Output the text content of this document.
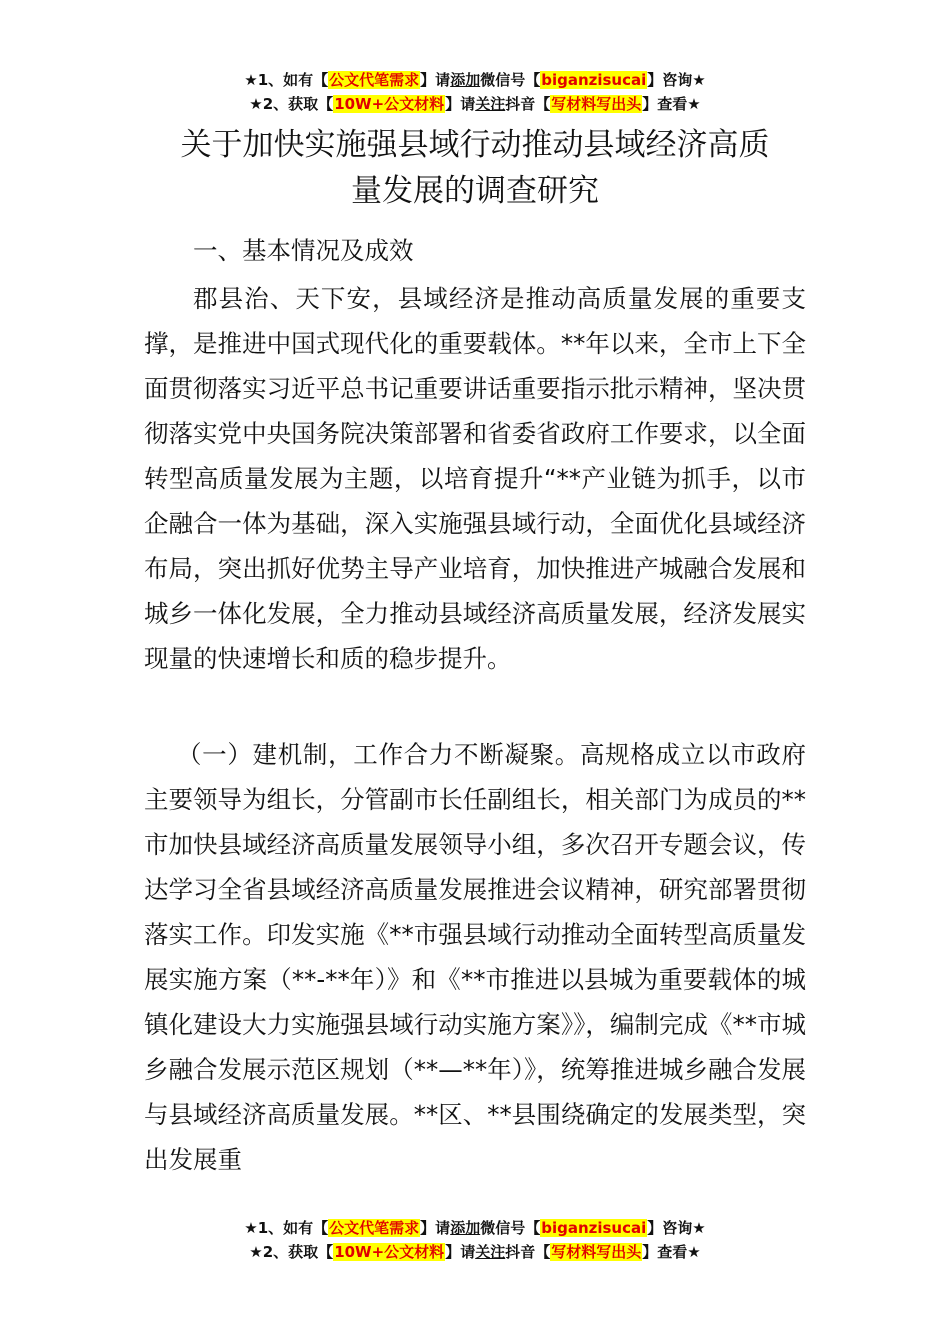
★1、如有【公文代笔需求】请添加微信号【biganzisucai】咨询★
★2、获取【10W+公文材料】请关注抖音【写材料写出头】查看★
关于加快实施强县域行动推动县域经济高质
量发展的调查研究

一、基本情况及成效

郡县治、天下安，县域经济是推动高质量发展的重要支撑，是推进中国式现代化的重要载体。**年以来，全市上下全面贯彻落实习近平总书记重要讲话重要指示批示精神，坚决贯彻落实党中央国务院决策部署和省委省政府工作要求，以全面转型高质量发展为主题，以培育提升“**产业链为抓手，以市企融合一体为基础，深入实施强县域行动，全面优化县域经济布局，突出抓好优势主导产业培育，加快推进产城融合发展和城乡一体化发展，全力推动县域经济高质量发展，经济发展实现量的快速增长和质的稳步提升。

（一）建机制，工作合力不断凝聚。高规格成立以市政府主要领导为组长，分管副市长任副组长，相关部门为成员的**市加快县域经济高质量发展领导小组，多次召开专题会议，传达学习全省县域经济高质量发展推进会议精神，研究部署贯彻落实工作。印发实施《**市强县域行动推动全面转型高质量发展实施方案（**-**年）》和《**市推进以县城为重要载体的城镇化建设大力实施强县域行动实施方案》》，编制完成《**市城乡融合发展示范区规划（**—**年）》，统筹推进城乡融合发展与县域经济高质量发展。**区、**县围绕确定的发展类型，突出发展重

★1、如有【公文代笔需求】请添加微信号【biganzisucai】咨询★
★2、获取【10W+公文材料】请关注抖音【写材料写出头】查看★
